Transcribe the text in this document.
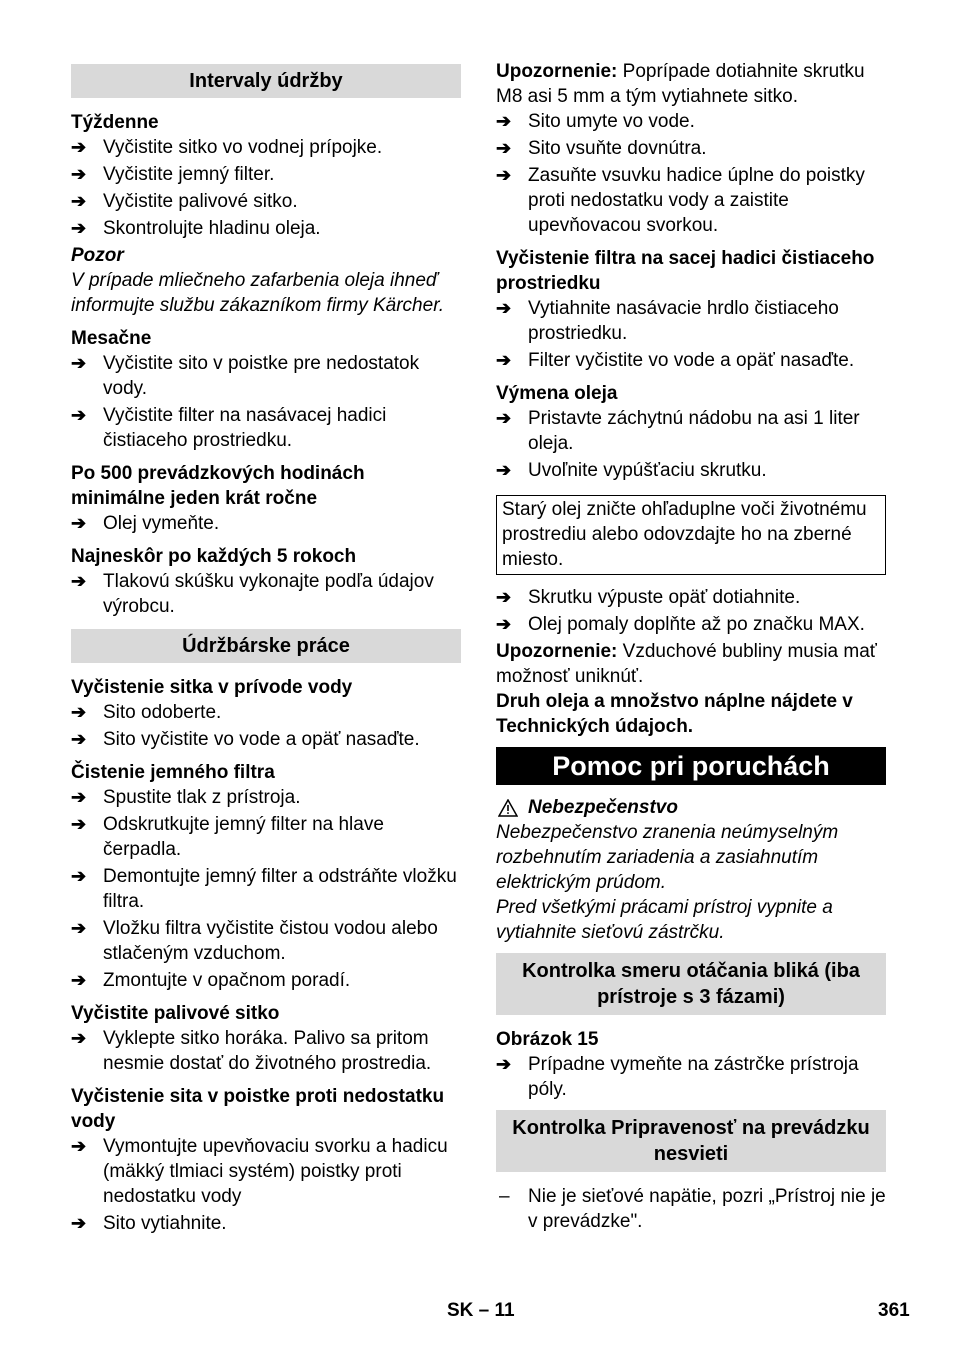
Intervaly údržby
Týždenne
➔ Vyčistite sitko vo vodnej prípojke.
➔ Vyčistite jemný filter.
➔ Vyčistite palivové sitko.
➔ Skontrolujte hladinu oleja.
Pozor
V prípade mliečneho zafarbenia oleja ihneď informujte službu zákazníkom firmy Kärcher.
Mesačne
➔ Vyčistite sito v poistke pre nedostatok vody.
➔ Vyčistite filter na nasávacej hadici čistiaceho prostriedku.
Po 500 prevádzkových hodinách minimálne jeden krát ročne
➔ Olej vymeňte.
Najneskôr po každých 5 rokoch
➔ Tlakovú skúšku vykonajte podľa údajov výrobcu.
Údržbárske práce
Vyčistenie sitka v prívode vody
➔ Sito odoberte.
➔ Sito vyčistite vo vode a opäť nasaďte.
Čistenie jemného filtra
➔ Spustite tlak z prístroja.
➔ Odskrutkujte jemný filter na hlave čerpadla.
➔ Demontujte jemný filter a odstráňte vložku filtra.
➔ Vložku filtra vyčistite čistou vodou alebo stlačeným vzduchom.
➔ Zmontujte v opačnom poradí.
Vyčistite palivové sitko
➔ Vyklepte sitko horáka. Palivo sa pritom nesmie dostať do životného prostredia.
Vyčistenie sita v poistke proti nedostatku vody
➔ Vymontujte upevňovaciu svorku a hadicu (mäkký tlmiaci systém) poistky proti nedostatku vody
➔ Sito vytiahnite.
Upozornenie: Poprípade dotiahnite skrutku M8 asi 5 mm a tým vytiahnete sitko.
➔ Sito umyte vo vode.
➔ Sito vsuňte dovnútra.
➔ Zasuňte vsuvku hadice úplne do poistky proti nedostatku vody a zaistite upevňovacou svorkou.
Vyčistenie filtra na sacej hadici čistiaceho prostriedku
➔ Vytiahnite nasávacie hrdlo čistiaceho prostriedku.
➔ Filter vyčistite vo vode a opäť nasaďte.
Výmena oleja
➔ Pristavte záchytnú nádobu na asi 1 liter oleja.
➔ Uvoľnite vypúšťaciu skrutku.
Starý olej zničte ohľaduplne voči životnému prostrediu alebo odovzdajte ho na zberné miesto.
➔ Skrutku výpuste opäť dotiahnite.
➔ Olej pomaly doplňte až po značku MAX.
Upozornenie: Vzduchové bubliny musia mať možnosť uniknúť.
Druh oleja a množstvo náplne nájdete v Technických údajoch.
Pomoc pri poruchách
Nebezpečenstvo
Nebezpečenstvo zranenia neúmyselným rozbehnutím zariadenia a zasiahnutím elektrickým prúdom.
Pred všetkými prácami prístroj vypnite a vytiahnite sieťovú zástrčku.
Kontrolka smeru otáčania bliká (iba prístroje s 3 fázami)
Obrázok 15
➔ Prípadne vymeňte na zástrčke prístroja póly.
Kontrolka Pripravenosť na prevádzku nesvieti
– Nie je sieťové napätie, pozri „Prístroj nie je v prevádzke".
SK – 11	361
